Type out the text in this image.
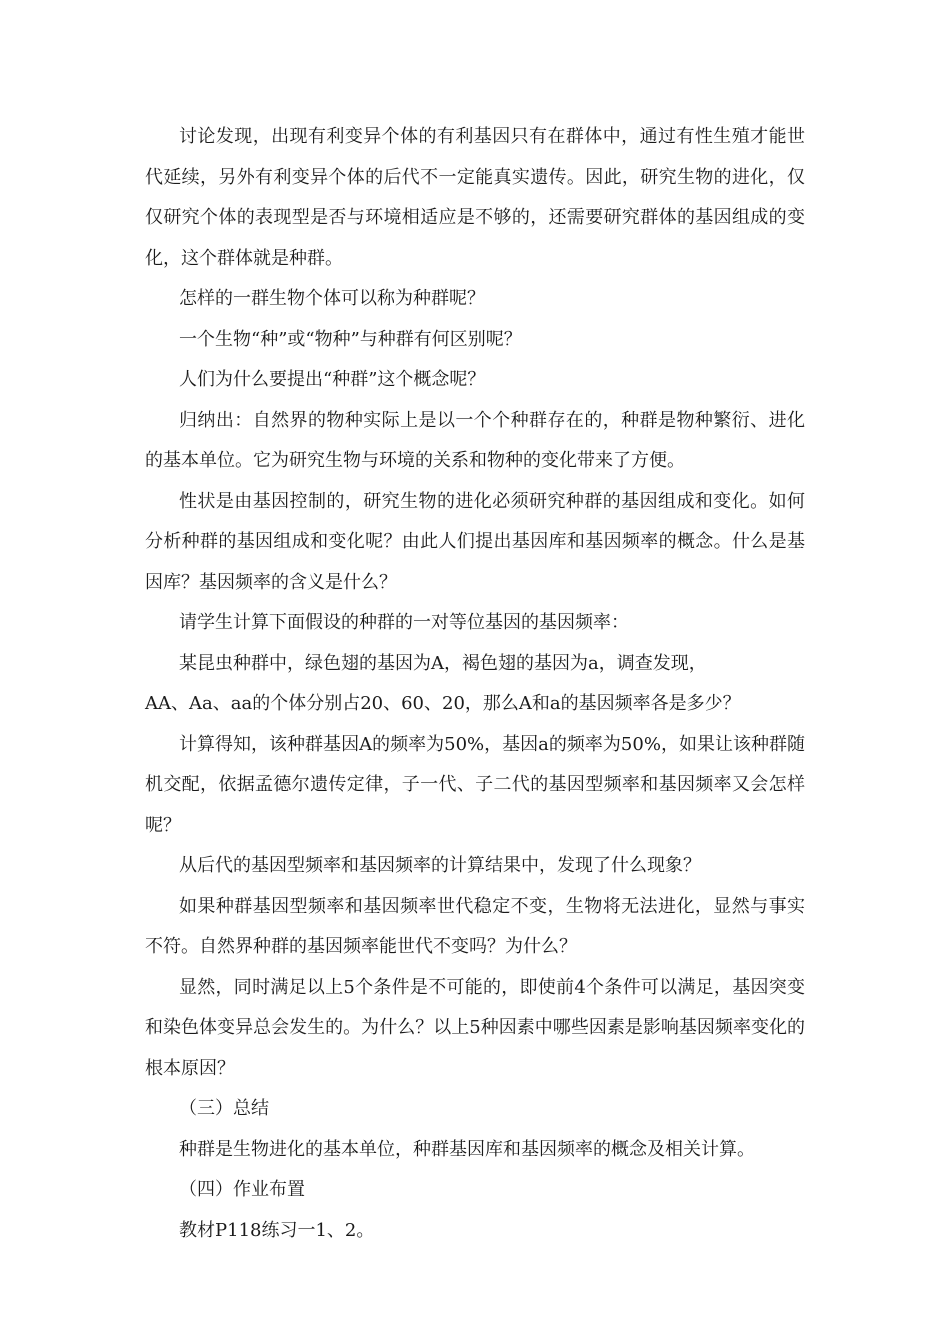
讨论发现，出现有利变异个体的有利基因只有在群体中，通过有性生殖才能世代延续，另外有利变异个体的后代不一定能真实遗传。因此，研究生物的进化，仅仅研究个体的表现型是否与环境相适应是不够的，还需要研究群体的基因组成的变化，这个群体就是种群。

怎样的一群生物个体可以称为种群呢？

一个生物“种”或“物种”与种群有何区别呢？

人们为什么要提出“种群”这个概念呢？

归纳出：自然界的物种实际上是以一个个种群存在的，种群是物种繁衍、进化的基本单位。它为研究生物与环境的关系和物种的变化带来了方便。

性状是由基因控制的，研究生物的进化必须研究种群的基因组成和变化。如何分析种群的基因组成和变化呢？由此人们提出基因库和基因频率的概念。什么是基因库？基因频率的含义是什么？

请学生计算下面假设的种群的一对等位基因的基因频率：

某昆虫种群中，绿色翅的基因为A，褐色翅的基因为a，调查发现，

AA、Aa、aa的个体分别占20、60、20，那么A和a的基因频率各是多少？

计算得知，该种群基因A的频率为50%，基因a的频率为50%，如果让该种群随机交配，依据孟德尔遗传定律，子一代、子二代的基因型频率和基因频率又会怎样呢？

从后代的基因型频率和基因频率的计算结果中，发现了什么现象？

如果种群基因型频率和基因频率世代稳定不变，生物将无法进化，显然与事实不符。自然界种群的基因频率能世代不变吗？为什么？

显然，同时满足以上5个条件是不可能的，即使前4个条件可以满足，基因突变和染色体变异总会发生的。为什么？以上5种因素中哪些因素是影响基因频率变化的根本原因？

（三）总结

种群是生物进化的基本单位，种群基因库和基因频率的概念及相关计算。

（四）作业布置

教材P118练习一1、2。
